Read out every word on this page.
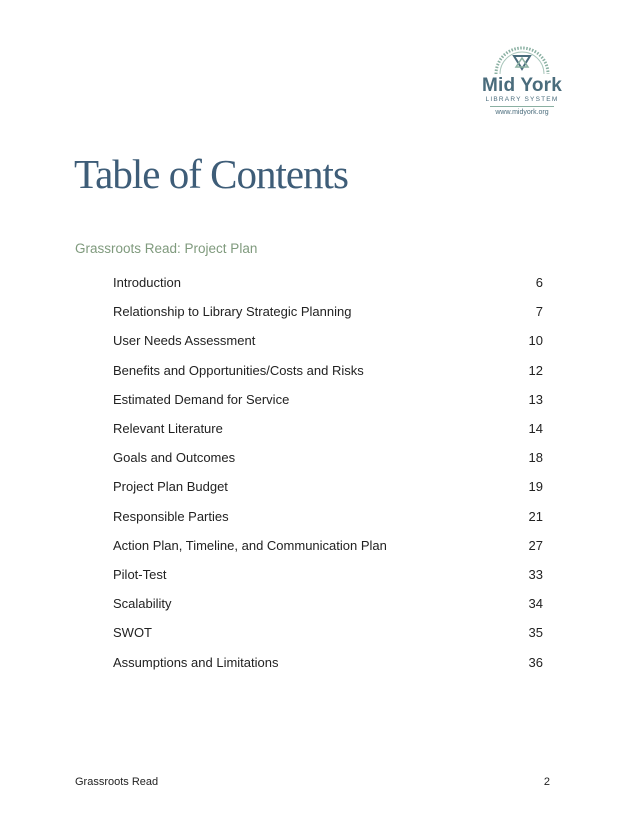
Mid York
LIBRARY SYSTEM
www.midyork.org
Table of Contents
Grassroots Read: Project Plan
Introduction	6
Relationship to Library Strategic Planning	7
User Needs Assessment	10
Benefits and Opportunities/Costs and Risks	12
Estimated Demand for Service	13
Relevant Literature	14
Goals and Outcomes	18
Project Plan Budget	19
Responsible Parties	21
Action Plan, Timeline, and Communication Plan	27
Pilot-Test	33
Scalability	34
SWOT	35
Assumptions and Limitations	36
Grassroots Read	2
